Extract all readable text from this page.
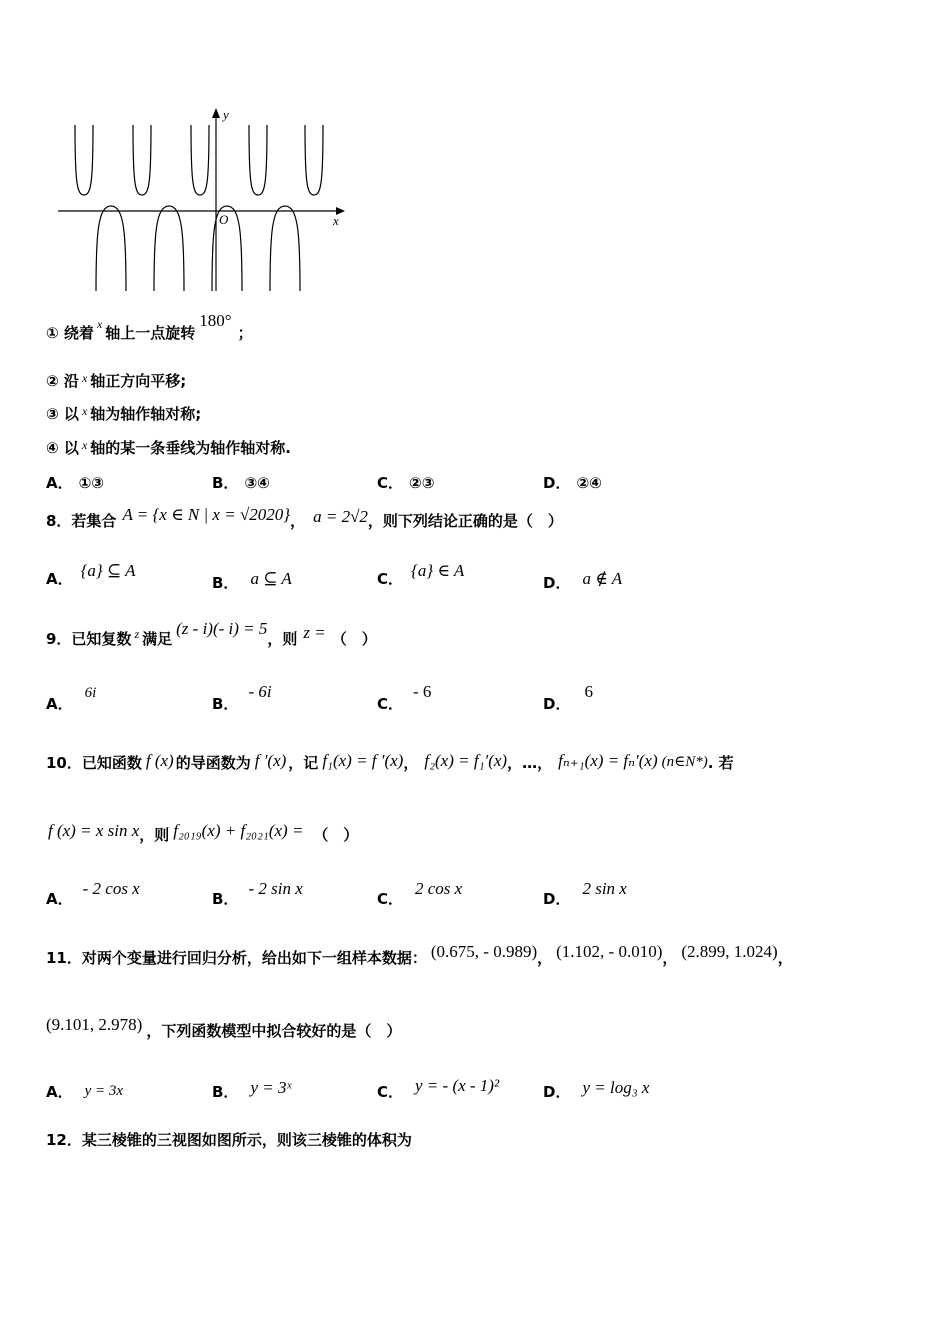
y
x
O
① 绕着 $^x$ 轴上一点旋转180°；
② 沿 $^x$ 轴正方向平移;
③ 以 $^x$ 轴为轴作轴对称;
④ 以 $^x$ 轴的某一条垂线为轴作轴对称.
A． ①③	B． ③④	C． ②③	D． ②④
8．若集合 A = {x ∈ N | x = √2020}， a = 2√2，则下列结论正确的是（　）
A． {a} ⊆ A
B． a ⊆ A	C． {a} ∈ A
D． a ∉ A
9．已知复数 $^z$ 满足(z - i)(- i) = 5，则 z = （　）
A．6i
B．- 6i
C．- 6
D．6
10．已知函数 f (x) 的导函数为 f ′(x) ，记 f₁(x) = f ′(x)， f₂(x) = f₁′(x)，…， fₙ₊₁(x) = fₙ′(x) (n∈N*). 若
f (x) = x sin x，则 f₂₀₁₉(x) + f₂₀₂₁(x) = （　）
A．- 2 cos x
B．- 2 sin x
C．2 cos x
D．2 sin x
11．对两个变量进行回归分析，给出如下一组样本数据： (0.675, - 0.989)， (1.102, - 0.010)， (2.899, 1.024)，
(9.101, 2.978) ，下列函数模型中拟合较好的是（　）
A． y = 3x	B． y = 3ˣ	C． y = - (x - 1)²	D． y = log₃ x
12．某三棱锥的三视图如图所示，则该三棱锥的体积为
